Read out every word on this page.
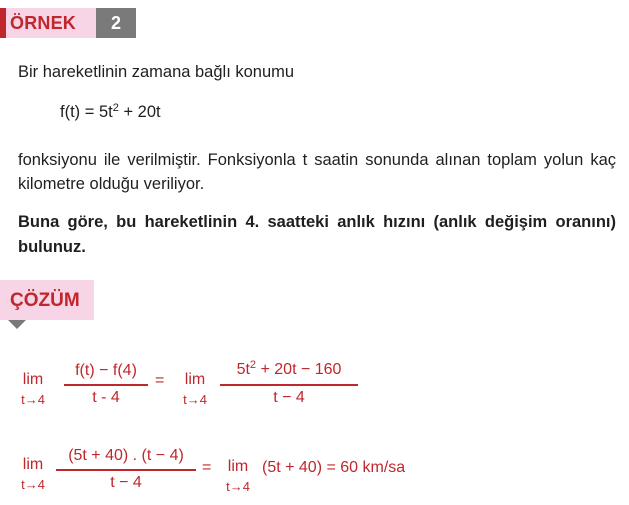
ÖRNEK	2
Bir hareketlinin zamana bağlı konumu
$f(t) = 5t^2 + 20t$
fonksiyonu ile verilmiştir. Fonksiyonla t saatin sonunda alınan toplam yolun kaç kilometre olduğu veriliyor.
Buna göre, bu hareketlinin 4. saatteki anlık hızını (anlık değişim oranını) bulunuz.
ÇÖZÜM
lim
t→4
f(t) − f(4)
t - 4
=	lim
t→4
$5t^2 + 20t - 160$
t − 4
lim
t→4
(5t + 40) . (t − 4)
t − 4
=	lim
t→4
(5t + 40) = 60 km/sa
